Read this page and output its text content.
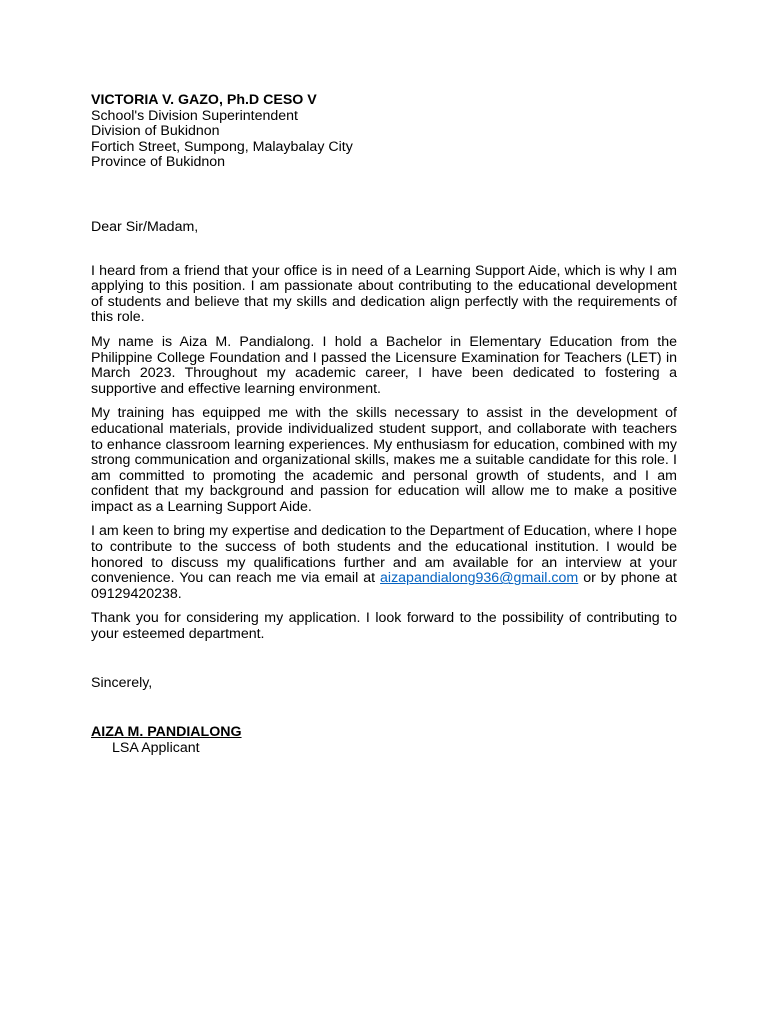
VICTORIA V. GAZO, Ph.D CESO V
School's Division Superintendent
Division of Bukidnon
Fortich Street, Sumpong, Malaybalay City
Province of Bukidnon
Dear Sir/Madam,

I heard from a friend that your office is in need of a Learning Support Aide, which is why I am applying to this position. I am passionate about contributing to the educational development of students and believe that my skills and dedication align perfectly with the requirements of this role.

My name is Aiza M. Pandialong. I hold a Bachelor in Elementary Education from the Philippine College Foundation and I passed the Licensure Examination for Teachers (LET) in March 2023. Throughout my academic career, I have been dedicated to fostering a supportive and effective learning environment.

My training has equipped me with the skills necessary to assist in the development of educational materials, provide individualized student support, and collaborate with teachers to enhance classroom learning experiences. My enthusiasm for education, combined with my strong communication and organizational skills, makes me a suitable candidate for this role. I am committed to promoting the academic and personal growth of students, and I am confident that my background and passion for education will allow me to make a positive impact as a Learning Support Aide.

I am keen to bring my expertise and dedication to the Department of Education, where I hope to contribute to the success of both students and the educational institution. I would be honored to discuss my qualifications further and am available for an interview at your convenience. You can reach me via email at aizapandialong936@gmail.com or by phone at 09129420238.

Thank you for considering my application. I look forward to the possibility of contributing to your esteemed department.

Sincerely,
AIZA M. PANDIALONG
LSA Applicant
